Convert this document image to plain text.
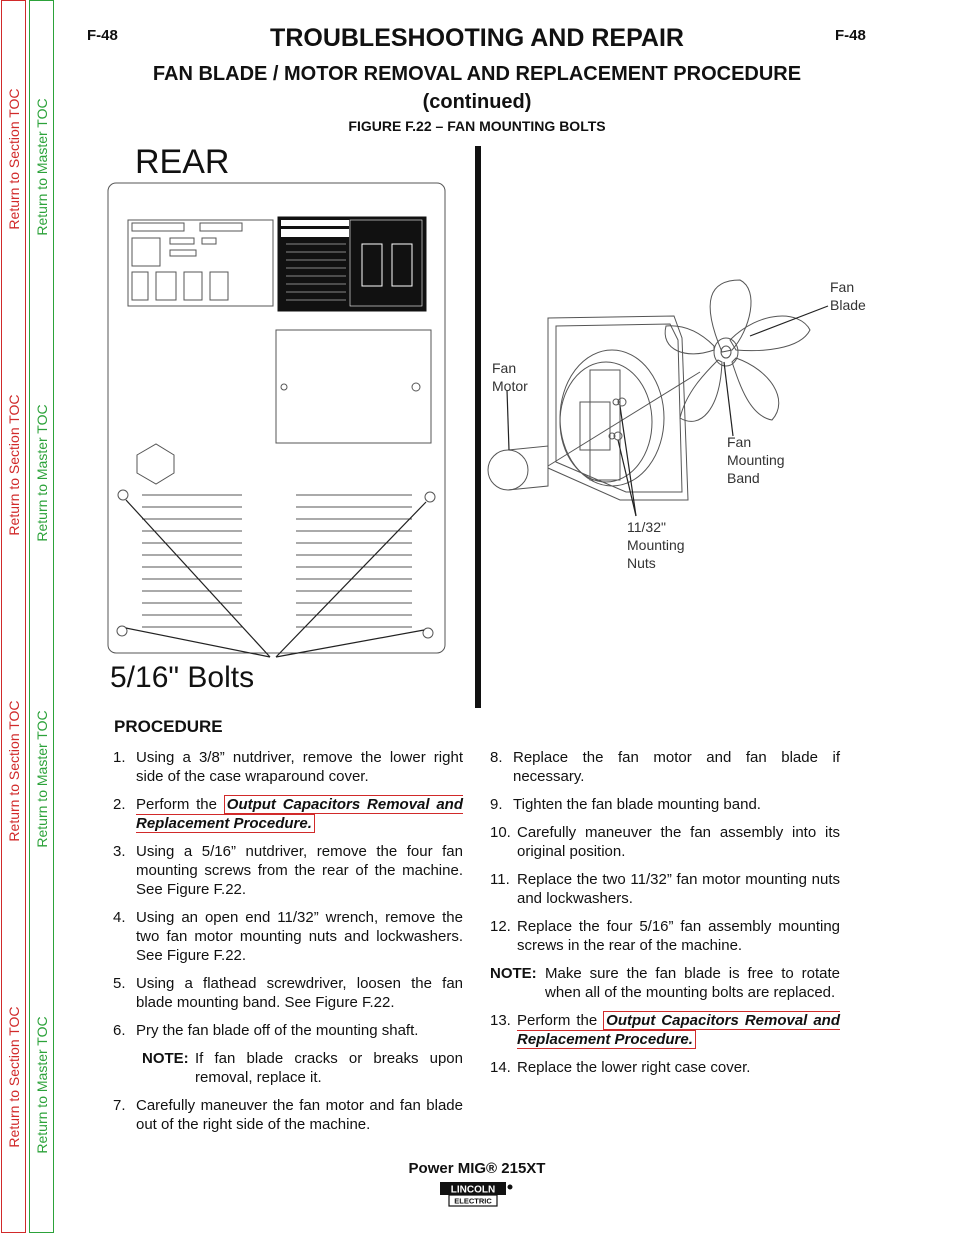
Return to Section TOC
Return to Section TOC
Return to Section TOC
Return to Section TOC
Return to Master TOC
Return to Master TOC
Return to Master TOC
Return to Master TOC
F-48	F-48
TROUBLESHOOTING AND REPAIR
FAN BLADE / MOTOR REMOVAL AND REPLACEMENT PROCEDURE
(continued)
FIGURE F.22 – FAN MOUNTING BOLTS
REAR
Fan
Blade
Fan
Motor
Fan
Mounting
Band
11/32"
Mounting
Nuts
5/16" Bolts
PROCEDURE
1. Using a 3/8” nutdriver, remove the lower right side of the case wraparound cover.
2. Perform the Output Capacitors Removal and Replacement Procedure.
3. Using a 5/16” nutdriver, remove the four fan mounting screws from the rear of the machine. See Figure F.22.
4. Using an open end 11/32” wrench, remove the two fan motor mounting nuts and lockwashers. See Figure F.22.
5. Using a flathead screwdriver, loosen the fan blade mounting band. See Figure F.22.
6. Pry the fan blade off of the mounting shaft.
NOTE: If fan blade cracks or breaks upon removal, replace it.
7. Carefully maneuver the fan motor and fan blade out of the right side of the machine.
8. Replace the fan motor and fan blade if necessary.
9. Tighten the fan blade mounting band.
10. Carefully maneuver the fan assembly into its original position.
11. Replace the two 11/32” fan motor mounting nuts and lockwashers.
12. Replace the four 5/16” fan assembly mounting screws in the rear of the machine.
NOTE: Make sure the fan blade is free to rotate when all of the mounting bolts are replaced.
13. Perform the Output Capacitors Removal and Replacement Procedure.
14. Replace the lower right case cover.
Power MIG® 215XT
LINCOLN
ELECTRIC
